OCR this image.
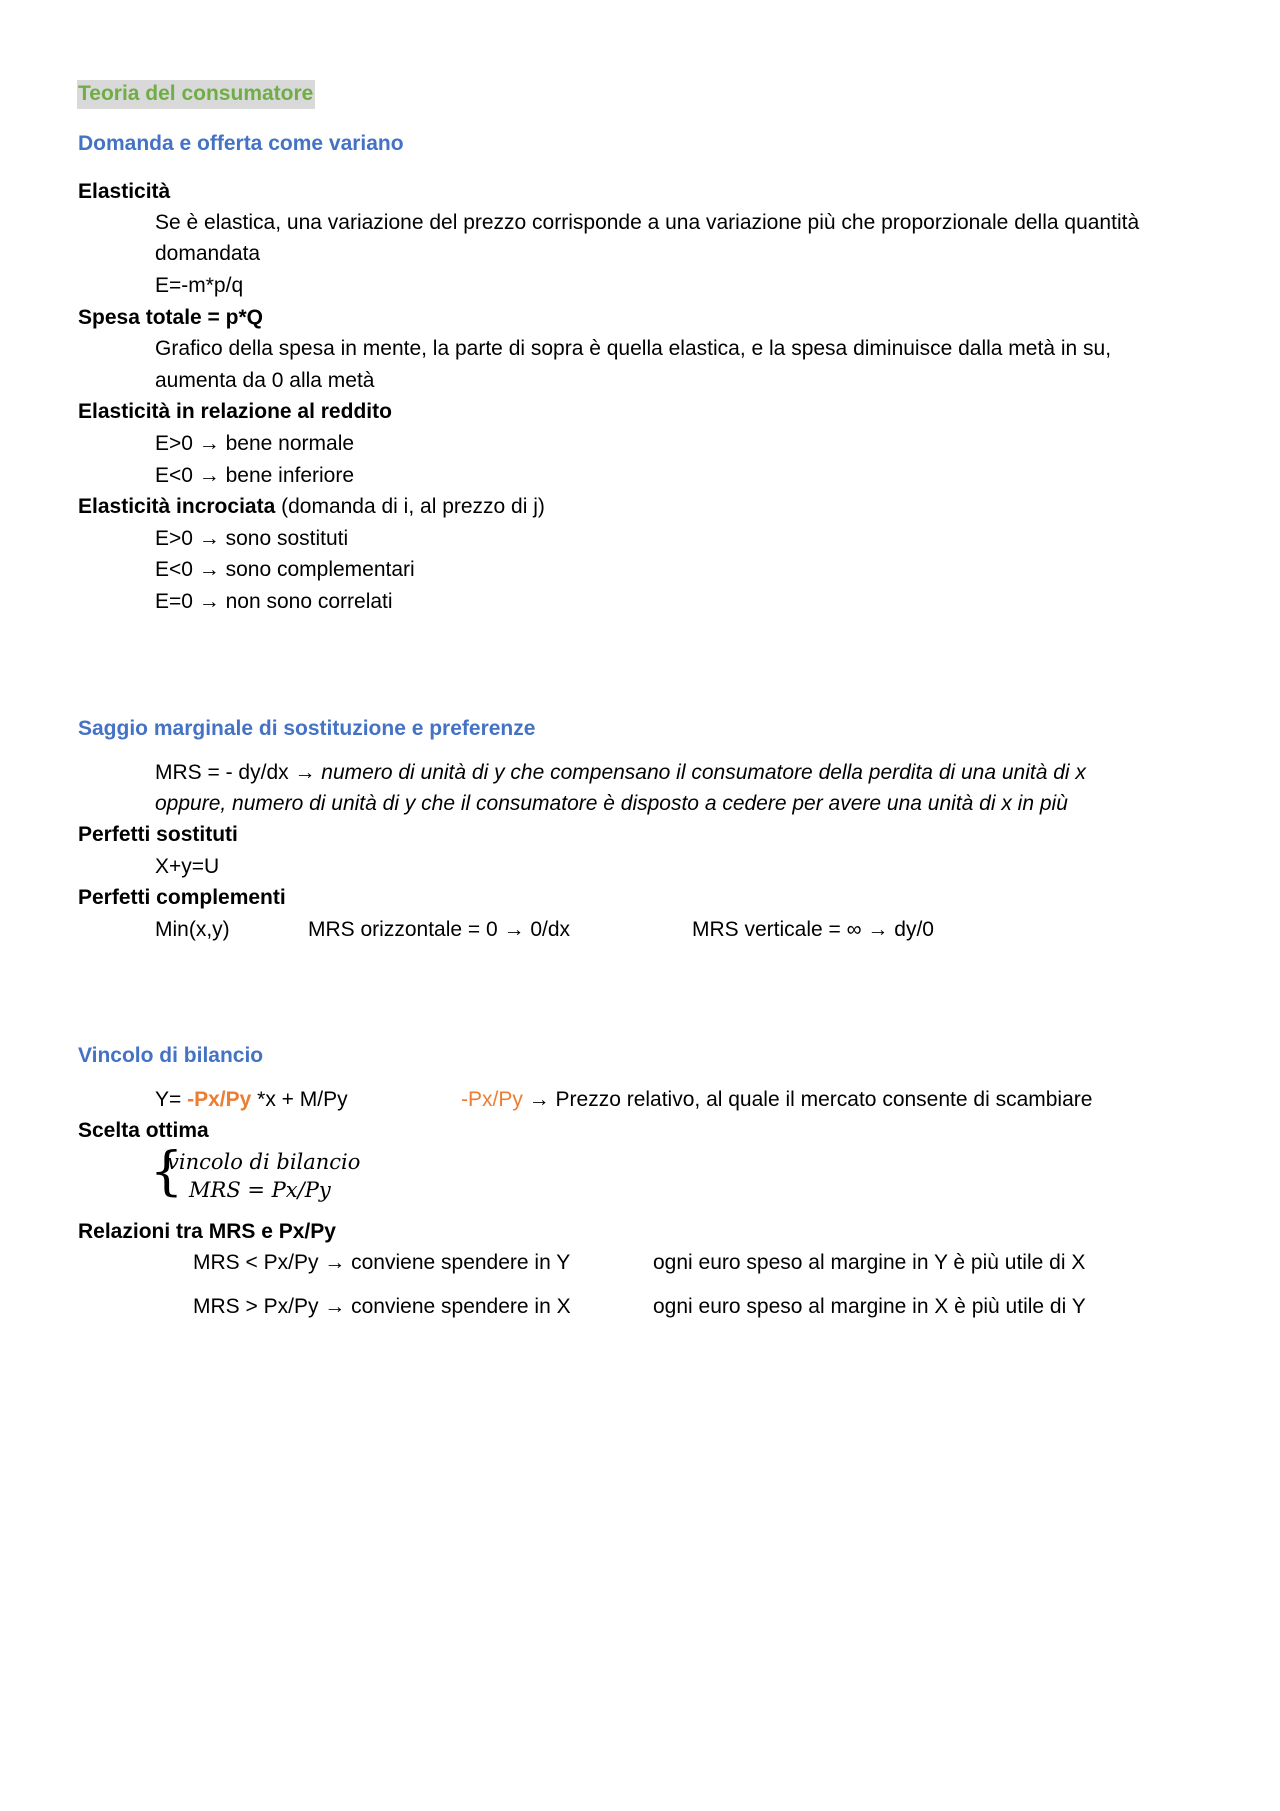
Teoria del consumatore
Domanda e offerta come variano
Elasticità
Se è elastica, una variazione del prezzo corrisponde a una variazione più che proporzionale della quantità
domandata
E=-m*p/q
Spesa totale = p*Q
Grafico della spesa in mente, la parte di sopra è quella elastica, e la spesa diminuisce dalla metà in su,
aumenta da 0 alla metà
Elasticità in relazione al reddito
E>0 → bene normale
E<0 → bene inferiore
Elasticità incrociata (domanda di i, al prezzo di j)
E>0 → sono sostituti
E<0 → sono complementari
E=0 → non sono correlati
Saggio marginale di sostituzione e preferenze
MRS = - dy/dx → numero di unità di y che compensano il consumatore della perdita di una unità di x
oppure, numero di unità di y che il consumatore è disposto a cedere per avere una unità di x in più
Perfetti sostituti
X+y=U
Perfetti complementi
Min(x,y)	MRS orizzontale = 0 → 0/dx	MRS verticale = ∞ → dy/0
Vincolo di bilancio
Y= -Px/Py *x + M/Py	-Px/Py → Prezzo relativo, al quale il mercato consente di scambiare
Scelta ottima
{
vincolo di bilancio
MRS = Px/Py
Relazioni tra MRS e Px/Py
MRS < Px/Py → conviene spendere in Y	ogni euro speso al margine in Y è più utile di X
MRS > Px/Py → conviene spendere in X	ogni euro speso al margine in X è più utile di Y
